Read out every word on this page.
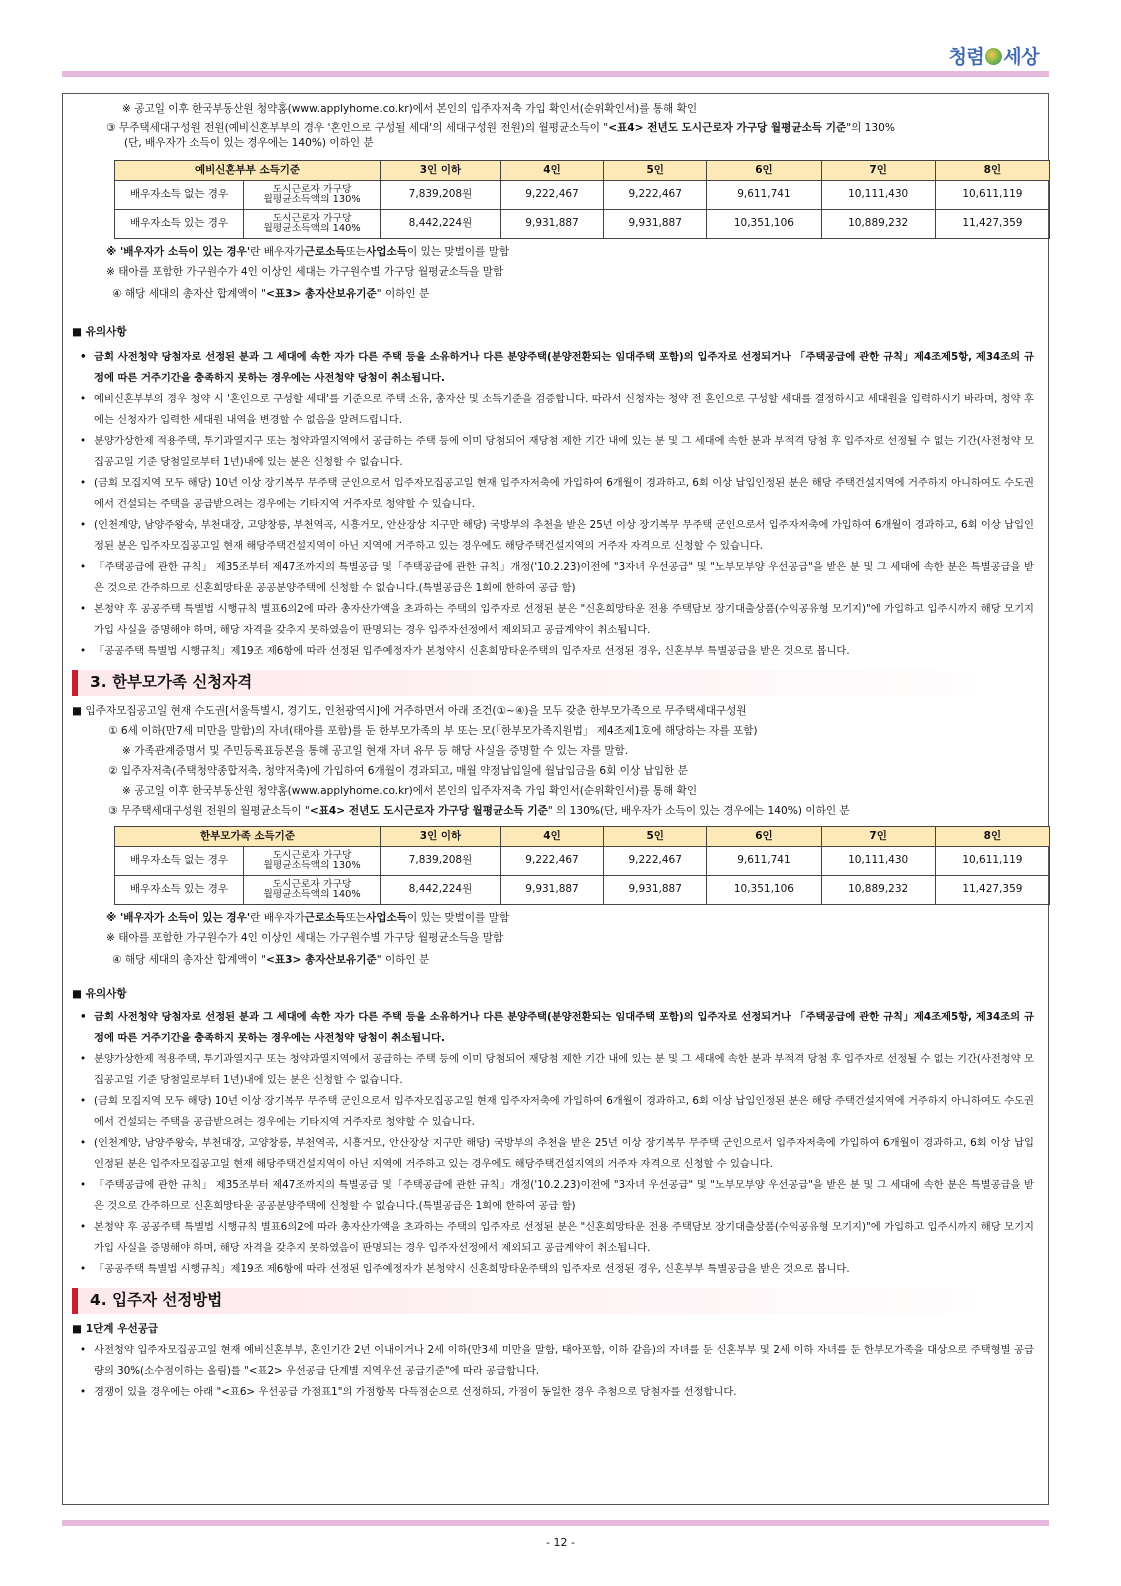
청렴 세상

※ 공고일 이후 한국부동산원 청약홈(www.applyhome.co.kr)에서 본인의 입주자저축 가입 확인서(순위확인서)를 통해 확인

③ 무주택세대구성원 전원(예비신혼부부의 경우 '혼인으로 구성될 세대'의 세대구성원 전원)의 월평균소득이 "<표4> 전년도 도시근로자 가구당 월평균소득 기준"의 130%
(단, 배우자가 소득이 있는 경우에는 140%) 이하인 분

예비신혼부부 소득기준		3인 이하	4인	5인	6인	7인	8인
배우자소득 없는 경우	도시근로자 가구당
월평균소득액의 130%	7,839,208원	9,222,467	9,222,467	9,611,741	10,111,430	10,611,119
배우자소득 있는 경우	도시근로자 가구당
월평균소득액의 140%	8,442,224원	9,931,887	9,931,887	10,351,106	10,889,232	11,427,359

※ '배우자가 소득이 있는 경우' 란 배우자가 근로소득 또는 사업소득 이 있는 맞벌이를 말함

※ 태아를 포함한 가구원수가 4인 이상인 세대는 가구원수별 가구당 월평균소득을 말함

④ 해당 세대의 총자산 합계액이 " <표3> 총자산보유기준 " 이하인 분

■ 유의사항

• 금회 사전청약 당첨자로 선정된 분과 그 세대에 속한 자가 다른 주택 등을 소유하거나 다른 분양주택(분양전환되는 임대주택 포함)의 입주자로 선정되거나 「주택공급에 관한 규칙」제4조제5항, 제34조의 규정에 따른 거주기간을 충족하지 못하는 경우에는 사전청약 당첨이 취소됩니다.

• 예비신혼부부의 경우 청약 시 '혼인으로 구성할 세대'를 기준으로 주택 소유, 총자산 및 소득기준을 검증합니다. 따라서 신청자는 청약 전 혼인으로 구성할 세대를 결정하시고 세대원을 입력하시기 바라며, 청약 후에는 신청자가 입력한 세대원 내역을 변경할 수 없음을 알려드립니다.

• 분양가상한제 적용주택, 투기과열지구 또는 청약과열지역에서 공급하는 주택 등에 이미 당첨되어 재당첨 제한 기간 내에 있는 분 및 그 세대에 속한 분과 부적격 당첨 후 입주자로 선정될 수 없는 기간(사전청약 모집공고일 기준 당첨일로부터 1년)내에 있는 분은 신청할 수 없습니다.

• (금회 모집지역 모두 해당) 10년 이상 장기복무 무주택 군인으로서 입주자모집공고일 현재 입주자저축에 가입하여 6개월이 경과하고, 6회 이상 납입인정된 분은 해당 주택건설지역에 거주하지 아니하여도 수도권에서 건설되는 주택을 공급받으려는 경우에는 기타지역 거주자로 청약할 수 있습니다.

• (인천계양, 남양주왕숙, 부천대장, 고양창릉, 부천역곡, 시흥거모, 안산장상 지구만 해당) 국방부의 추천을 받은 25년 이상 장기복무 무주택 군인으로서 입주자저축에 가입하여 6개월이 경과하고, 6회 이상 납입인정된 분은 입주자모집공고일 현재 해당주택건설지역이 아닌 지역에 거주하고 있는 경우에도 해당주택건설지역의 거주자 자격으로 신청할 수 있습니다.

• 「주택공급에 관한 규칙」 제35조부터 제47조까지의 특별공급 및「주택공급에 관한 규칙」개정('10.2.23)이전에 "3자녀 우선공급" 및 "노부모부양 우선공급"을 받은 분 및 그 세대에 속한 분은 특별공급을 받은 것으로 간주하므로 신혼희망타운 공공분양주택에 신청할 수 없습니다.(특별공급은 1회에 한하여 공급 함)

• 본청약 후 공공주택 특별법 시행규칙 별표6의2에 따라 총자산가액을 초과하는 주택의 입주자로 선정된 분은 "신혼희망타운 전용 주택담보 장기대출상품(수익공유형 모기지)"에 가입하고 입주시까지 해당 모기지 가입 사실을 증명해야 하며, 해당 자격을 갖추지 못하였음이 판명되는 경우 입주자선정에서 제외되고 공급계약이 취소됩니다.

• 「공공주택 특별법 시행규칙」제19조 제6항에 따라 선정된 입주예정자가 본청약시 신혼희망타운주택의 입주자로 선정된 경우, 신혼부부 특별공급을 받은 것으로 봅니다.

3. 한부모가족 신청자격

■ 입주자모집공고일 현재 수도권[서울특별시, 경기도, 인천광역시]에 거주하면서 아래 조건(①~④)을 모두 갖춘 한부모가족으로 무주택세대구성원

① 6세 이하(만7세 미만을 말함)의 자녀(태아를 포함)를 둔 한부모가족의 부 또는 모(「한부모가족지원법」 제4조제1호에 해당하는 자를 포함)

※ 가족관계증명서 및 주민등록표등본을 통해 공고일 현재 자녀 유무 등 해당 사실을 증명할 수 있는 자를 말함.

② 입주자저축(주택청약종합저축, 청약저축)에 가입하여 6개월이 경과되고, 매월 약정납입일에 월납입금을 6회 이상 납입한 분

※ 공고일 이후 한국부동산원 청약홈(www.applyhome.co.kr)에서 본인의 입주자저축 가입 확인서(순위확인서)를 통해 확인

③ 무주택세대구성원 전원의 월평균소득이 " <표4> 전년도 도시근로자 가구당 월평균소득 기준 " 의 130%(단, 배우자가 소득이 있는 경우에는 140%) 이하인 분

한부모가족 소득기준		3인 이하	4인	5인	6인	7인	8인
배우자소득 없는 경우	도시근로자 가구당
월평균소득액의 130%	7,839,208원	9,222,467	9,222,467	9,611,741	10,111,430	10,611,119
배우자소득 있는 경우	도시근로자 가구당
월평균소득액의 140%	8,442,224원	9,931,887	9,931,887	10,351,106	10,889,232	11,427,359

※ '배우자가 소득이 있는 경우' 란 배우자가 근로소득 또는 사업소득 이 있는 맞벌이를 말함

※ 태아를 포함한 가구원수가 4인 이상인 세대는 가구원수별 가구당 월평균소득을 말함

④ 해당 세대의 총자산 합계액이 " <표3> 총자산보유기준 " 이하인 분

■ 유의사항

• 금회 사전청약 당첨자로 선정된 분과 그 세대에 속한 자가 다른 주택 등을 소유하거나 다른 분양주택(분양전환되는 임대주택 포함)의 입주자로 선정되거나 「주택공급에 관한 규칙」제4조제5항, 제34조의 규정에 따른 거주기간을 충족하지 못하는 경우에는 사전청약 당첨이 취소됩니다.

• 분양가상한제 적용주택, 투기과열지구 또는 청약과열지역에서 공급하는 주택 등에 이미 당첨되어 재당첨 제한 기간 내에 있는 분 및 그 세대에 속한 분과 부적격 당첨 후 입주자로 선정될 수 없는 기간(사전청약 모집공고일 기준 당첨일로부터 1년)내에 있는 분은 신청할 수 없습니다.

• (금회 모집지역 모두 해당) 10년 이상 장기복무 무주택 군인으로서 입주자모집공고일 현재 입주자저축에 가입하여 6개월이 경과하고, 6회 이상 납입인정된 분은 해당 주택건설지역에 거주하지 아니하여도 수도권에서 건설되는 주택을 공급받으려는 경우에는 기타지역 거주자로 청약할 수 있습니다.

• (인천계양, 남양주왕숙, 부천대장, 고양창릉, 부천역곡, 시흥거모, 안산장상 지구만 해당) 국방부의 추천을 받은 25년 이상 장기복무 무주택 군인으로서 입주자저축에 가입하여 6개월이 경과하고, 6회 이상 납입 인정된 분은 입주자모집공고일 현재 해당주택건설지역이 아닌 지역에 거주하고 있는 경우에도 해당주택건설지역의 거주자 자격으로 신청할 수 있습니다.

• 「주택공급에 관한 규칙」 제35조부터 제47조까지의 특별공급 및「주택공급에 관한 규칙」개정('10.2.23)이전에 "3자녀 우선공급" 및 "노부모부양 우선공급"을 받은 분 및 그 세대에 속한 분은 특별공급을 받은 것으로 간주하므로 신혼희망타운 공공분양주택에 신청할 수 없습니다.(특별공급은 1회에 한하여 공급 함)

• 본청약 후 공공주택 특별법 시행규칙 별표6의2에 따라 총자산가액을 초과하는 주택의 입주자로 선정된 분은 "신혼희망타운 전용 주택담보 장기대출상품(수익공유형 모기지)"에 가입하고 입주시까지 해당 모기지 가입 사실을 증명해야 하며, 해당 자격을 갖추지 못하였음이 판명되는 경우 입주자선정에서 제외되고 공급계약이 취소됩니다.

• 「공공주택 특별법 시행규칙」제19조 제6항에 따라 선정된 입주예정자가 본청약시 신혼희망타운주택의 입주자로 선정된 경우, 신혼부부 특별공급을 받은 것으로 봅니다.

4. 입주자 선정방법

■ 1단계 우선공급

• 사전청약 입주자모집공고일 현재 예비신혼부부, 혼인기간 2년 이내이거나 2세 이하(만3세 미만을 말함, 태아포함, 이하 같음)의 자녀를 둔 신혼부부 및 2세 이하 자녀를 둔 한부모가족을 대상으로 주택형별 공급량의 30%(소수점이하는 올림)를 "<표2> 우선공급 단계별 지역우선 공급기준"에 따라 공급합니다.

• 경쟁이 있을 경우에는 아래 "<표6> 우선공급 가점표1"의 가점항목 다득점순으로 선정하되, 가점이 동일한 경우 추첨으로 당첨자를 선정합니다.

- 12 -
